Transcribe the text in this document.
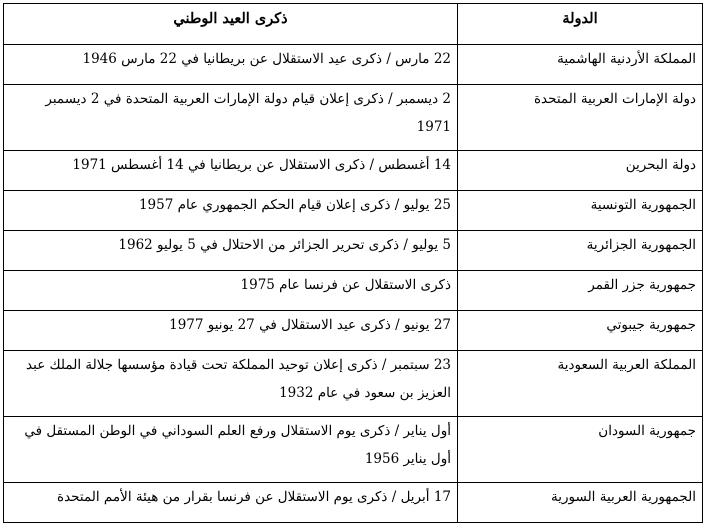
الدولة	ذكرى العيد الوطني
المملكة الأردنية الهاشمية	22 مارس / ذكرى عيد الاستقلال عن بريطانيا في 22 مارس 1946
دولة الإمارات العربية المتحدة	2 ديسمبر / ذكرى إعلان قيام دولة الإمارات العربية المتحدة في 2 ديسمبر 1971
دولة البحرين	14 أغسطس / ذكرى الاستقلال عن بريطانيا في 14 أغسطس 1971
الجمهورية التونسية	25 يوليو / ذكرى إعلان قيام الحكم الجمهوري عام 1957
الجمهورية الجزائرية	5 يوليو / ذكرى تحرير الجزائر من الاحتلال في 5 يوليو 1962
جمهورية جزر القمر	ذكرى الاستقلال عن فرنسا عام 1975
جمهورية جيبوتي	27 يونيو / ذكرى عيد الاستقلال في 27 يونيو 1977
المملكة العربية السعودية	23 سبتمبر / ذكرى إعلان توحيد المملكة تحت قيادة مؤسسها جلالة الملك عبد العزيز بن سعود في عام 1932
جمهورية السودان	أول يناير / ذكرى يوم الاستقلال ورفع العلم السوداني في الوطن المستقل في أول يناير 1956
الجمهورية العربية السورية	17 أبريل / ذكرى يوم الاستقلال عن فرنسا بقرار من هيئة الأمم المتحدة
